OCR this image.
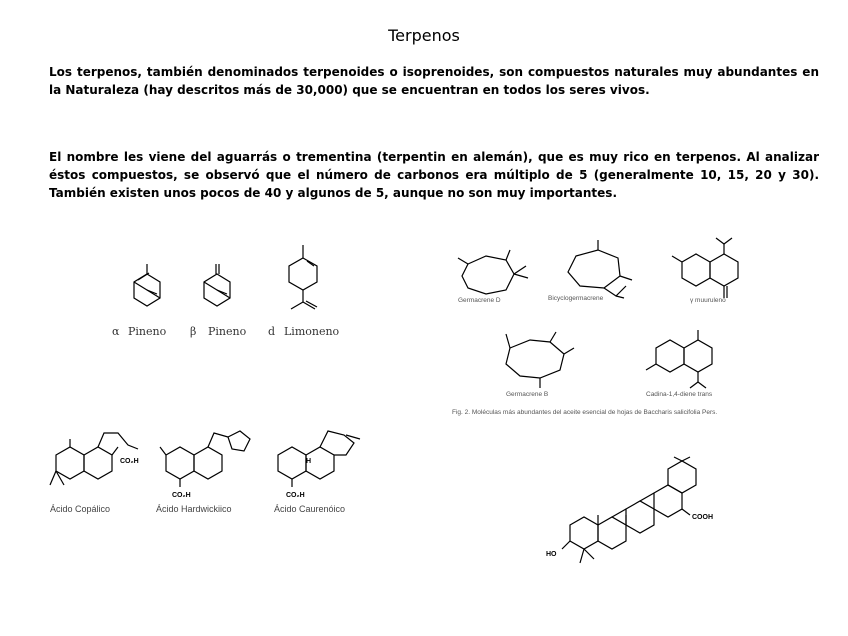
Terpenos

Los terpenos, también denominados terpenoides o isoprenoides, son compuestos naturales muy abundantes en la Naturaleza (hay descritos más de 30,000) que se encuentran en todos los seres vivos.

El nombre les viene del aguarrás o trementina (terpentin en alemán), que es muy rico en terpenos. Al analizar éstos compuestos, se observó que el número de carbonos era múltiplo de 5 (generalmente 10, 15, 20 y 30). También existen unos pocos de 40 y algunos de 5, aunque no son muy importantes.

α Pineno β Pineno d Limoneno
Germacrene D	Bicyclogermacrene	γ muuruleno
Germacrene B	Cadina-1,4-diene trans
Fig. 2. Moléculas más abundantes del aceite esencial de hojas de Baccharis salicifolia Pers.
CO₂H
Ácido Copálico
CO₂H
Ácido Hardwickiico
H
CO₂H
Ácido Caurenóico
COOH
HO
